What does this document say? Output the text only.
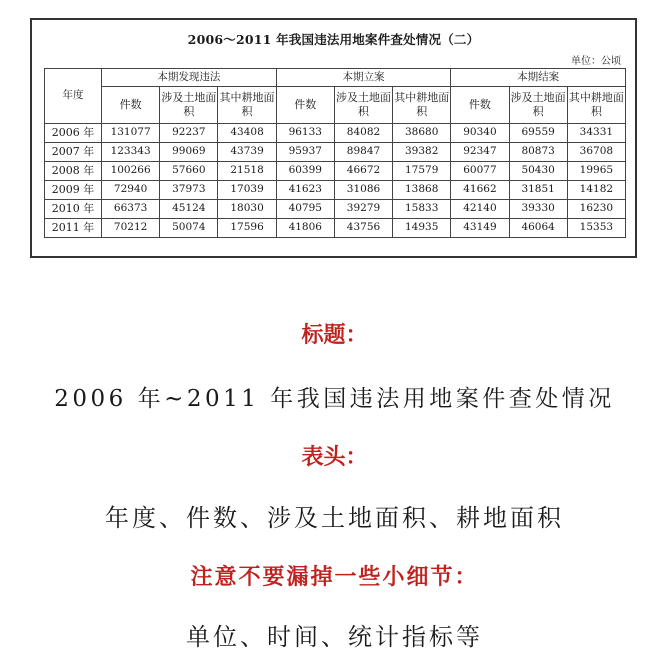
2006～2011 年我国违法用地案件查处情况（二）
单位：公顷
年度	本期发现违法			本期立案			本期结案		
	件数	涉及土地面积	其中耕地面积	件数	涉及土地面积	其中耕地面积	件数	涉及土地面积	其中耕地面积
2006 年	131077	92237	43408	96133	84082	38680	90340	69559	34331
2007 年	123343	99069	43739	95937	89847	39382	92347	80873	36708
2008 年	100266	57660	21518	60399	46672	17579	60077	50430	19965
2009 年	72940	37973	17039	41623	31086	13868	41662	31851	14182
2010 年	66373	45124	18030	40795	39279	15833	42140	39330	16230
2011 年	70212	50074	17596	41806	43756	14935	43149	46064	15353
标题：
2006 年~2011 年我国违法用地案件查处情况
表头：
年度、件数、涉及土地面积、耕地面积
注意不要漏掉一些小细节：
单位、时间、统计指标等
